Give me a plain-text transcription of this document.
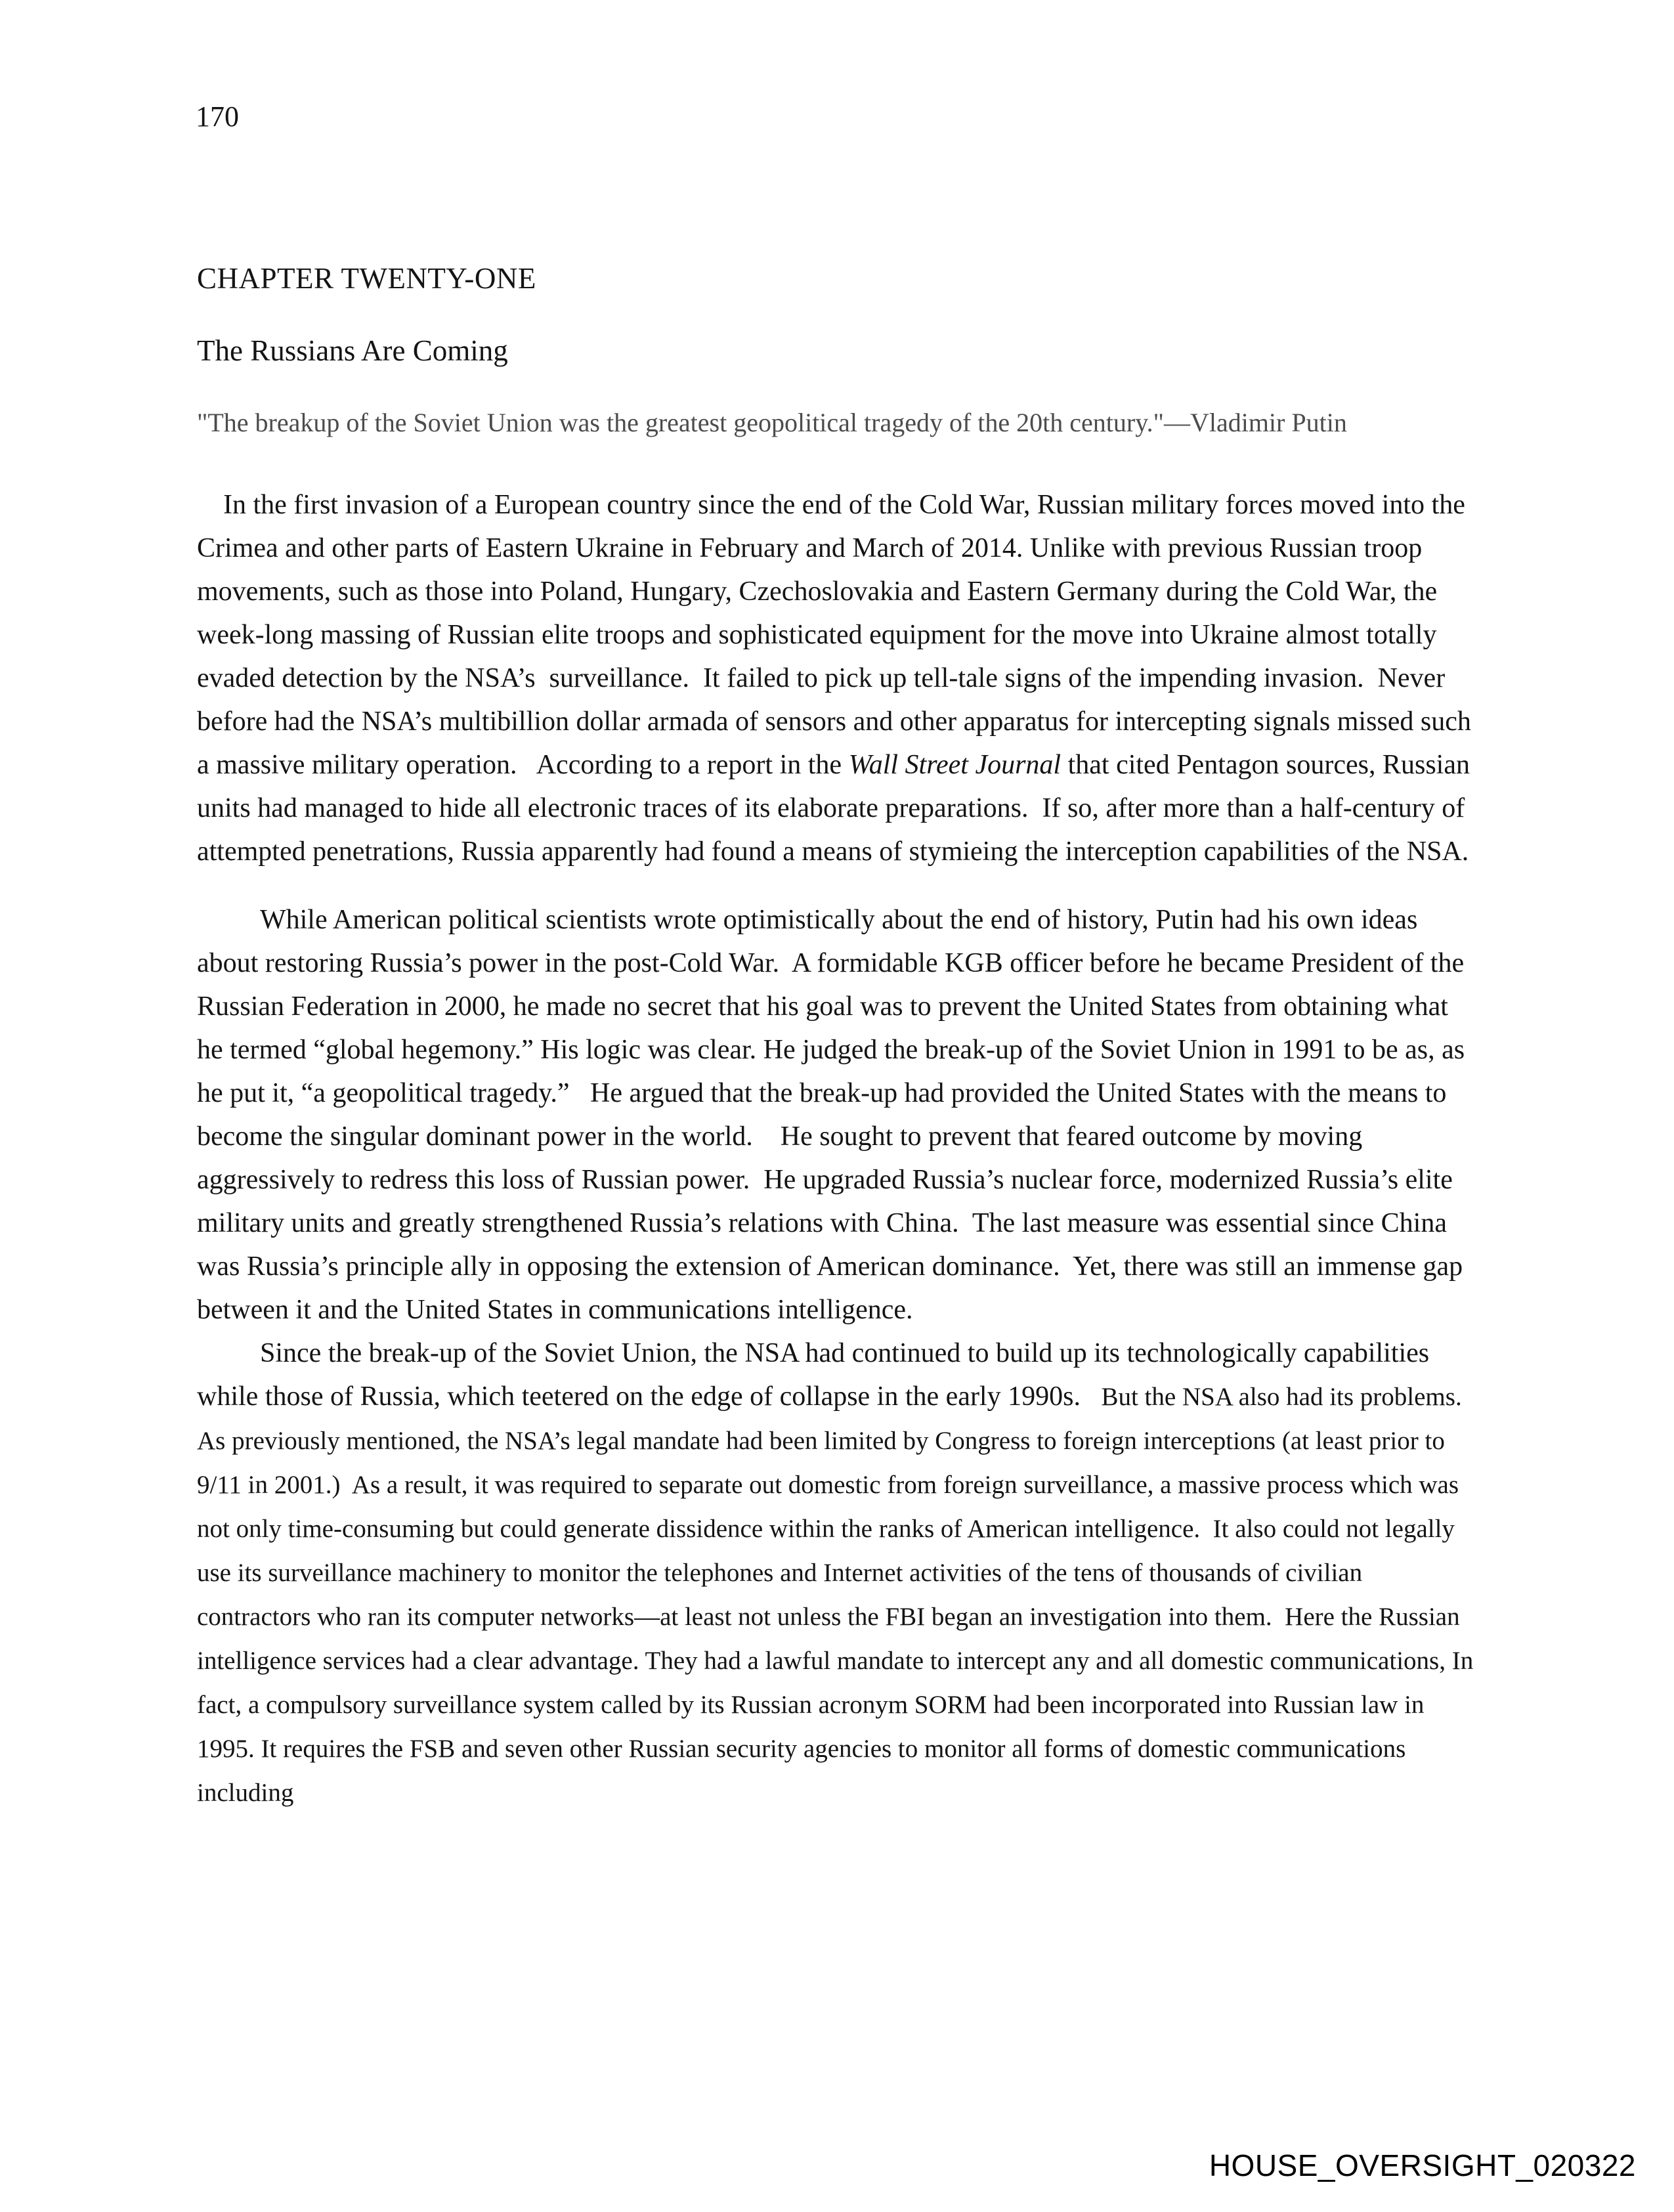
170
CHAPTER TWENTY-ONE
The Russians Are Coming
"The breakup of the Soviet Union was the greatest geopolitical tragedy of the 20th century."—Vladimir Putin

In the first invasion of a European country since the end of the Cold War, Russian military forces moved into the Crimea and other parts of Eastern Ukraine in February and March of 2014. Unlike with previous Russian troop movements, such as those into Poland, Hungary, Czechoslovakia and Eastern Germany during the Cold War, the week-long massing of Russian elite troops and sophisticated equipment for the move into Ukraine almost totally evaded detection by the NSA’s  surveillance.  It failed to pick up tell-tale signs of the impending invasion.  Never before had the NSA’s multibillion dollar armada of sensors and other apparatus for intercepting signals missed such a massive military operation.   According to a report in the Wall Street Journal that cited Pentagon sources, Russian units had managed to hide all electronic traces of its elaborate preparations.  If so, after more than a half-century of attempted penetrations, Russia apparently had found a means of stymieing the interception capabilities of the NSA.

While American political scientists wrote optimistically about the end of history, Putin had his own ideas about restoring Russia’s power in the post-Cold War.  A formidable KGB officer before he became President of the Russian Federation in 2000, he made no secret that his goal was to prevent the United States from obtaining what he termed “global hegemony.” His logic was clear. He judged the break-up of the Soviet Union in 1991 to be as, as he put it, “a geopolitical tragedy.”   He argued that the break-up had provided the United States with the means to become the singular dominant power in the world.    He sought to prevent that feared outcome by moving aggressively to redress this loss of Russian power.  He upgraded Russia’s nuclear force, modernized Russia’s elite military units and greatly strengthened Russia’s relations with China.  The last measure was essential since China was Russia’s principle ally in opposing the extension of American dominance.  Yet, there was still an immense gap between it and the United States in communications intelligence.

Since the break-up of the Soviet Union, the NSA had continued to build up its technologically capabilities while those of Russia, which teetered on the edge of collapse in the early 1990s.   But the NSA also had its problems. As previously mentioned, the NSA’s legal mandate had been limited by Congress to foreign interceptions (at least prior to 9/11 in 2001.)  As a result, it was required to separate out domestic from foreign surveillance, a massive process which was not only time-consuming but could generate dissidence within the ranks of American intelligence.  It also could not legally use its surveillance machinery to monitor the telephones and Internet activities of the tens of thousands of civilian contractors who ran its computer networks—at least not unless the FBI began an investigation into them.  Here the Russian intelligence services had a clear advantage. They had a lawful mandate to intercept any and all domestic communications, In fact, a compulsory surveillance system called by its Russian acronym SORM had been incorporated into Russian law in 1995. It requires the FSB and seven other Russian security agencies to monitor all forms of domestic communications including

HOUSE_OVERSIGHT_020322
